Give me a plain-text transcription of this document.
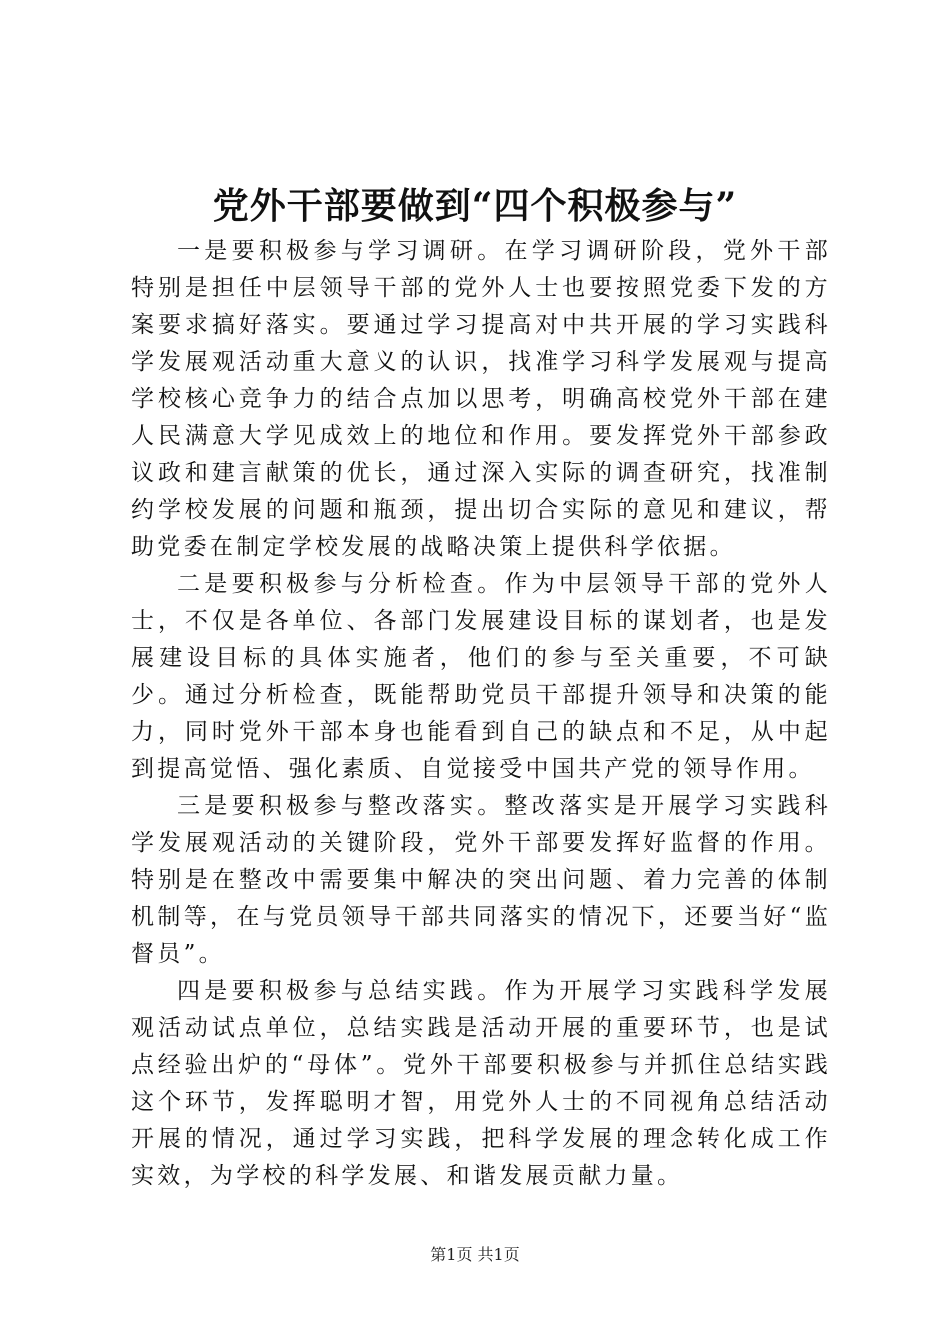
党外干部要做到“四个积极参与”

一是要积极参与学习调研。在学习调研阶段，党外干部特别是担任中层领导干部的党外人士也要按照党委下发的方案要求搞好落实。要通过学习提高对中共开展的学习实践科学发展观活动重大意义的认识，找准学习科学发展观与提高学校核心竞争力的结合点加以思考，明确高校党外干部在建人民满意大学见成效上的地位和作用。要发挥党外干部参政议政和建言献策的优长，通过深入实际的调查研究，找准制约学校发展的问题和瓶颈，提出切合实际的意见和建议，帮助党委在制定学校发展的战略决策上提供科学依据。

二是要积极参与分析检查。作为中层领导干部的党外人士，不仅是各单位、各部门发展建设目标的谋划者，也是发展建设目标的具体实施者，他们的参与至关重要，不可缺少。通过分析检查，既能帮助党员干部提升领导和决策的能力，同时党外干部本身也能看到自己的缺点和不足，从中起到提高觉悟、强化素质、自觉接受中国共产党的领导作用。

三是要积极参与整改落实。整改落实是开展学习实践科学发展观活动的关键阶段，党外干部要发挥好监督的作用。特别是在整改中需要集中解决的突出问题、着力完善的体制机制等，在与党员领导干部共同落实的情况下，还要当好“监督员”。

四是要积极参与总结实践。作为开展学习实践科学发展观活动试点单位，总结实践是活动开展的重要环节，也是试点经验出炉的“母体”。党外干部要积极参与并抓住总结实践这个环节，发挥聪明才智，用党外人士的不同视角总结活动开展的情况，通过学习实践，把科学发展的理念转化成工作实效，为学校的科学发展、和谐发展贡献力量。

第1页 共1页
